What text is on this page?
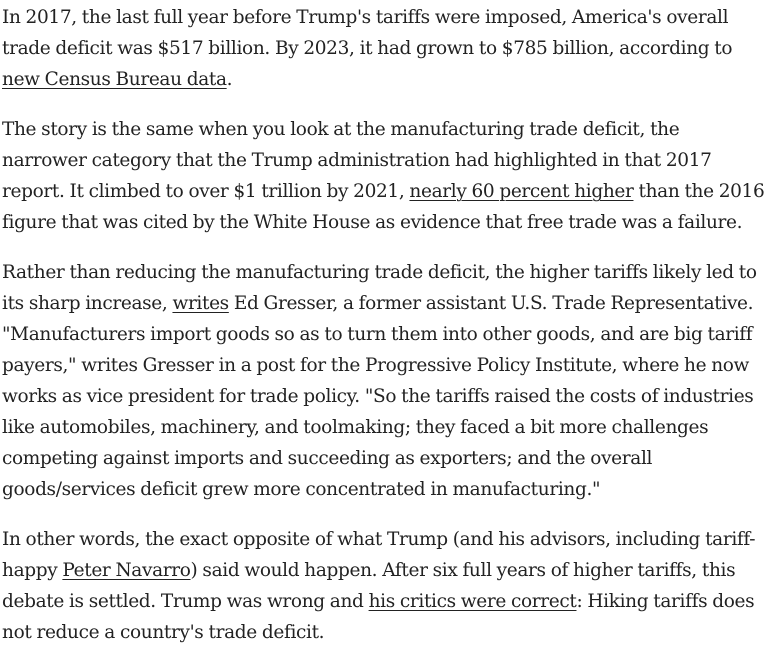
In 2017, the last full year before Trump's tariffs were imposed, America's overall trade deficit was $517 billion. By 2023, it had grown to $785 billion, according to new Census Bureau data.

The story is the same when you look at the manufacturing trade deficit, the narrower category that the Trump administration had highlighted in that 2017 report. It climbed to over $1 trillion by 2021, nearly 60 percent higher than the 2016 figure that was cited by the White House as evidence that free trade was a failure.

Rather than reducing the manufacturing trade deficit, the higher tariffs likely led to its sharp increase, writes Ed Gresser, a former assistant U.S. Trade Representative. "Manufacturers import goods so as to turn them into other goods, and are big tariff payers," writes Gresser in a post for the Progressive Policy Institute, where he now works as vice president for trade policy. "So the tariffs raised the costs of industries like automobiles, machinery, and toolmaking; they faced a bit more challenges competing against imports and succeeding as exporters; and the overall goods/services deficit grew more concentrated in manufacturing."

In other words, the exact opposite of what Trump (and his advisors, including tariff-happy Peter Navarro) said would happen. After six full years of higher tariffs, this debate is settled. Trump was wrong and his critics were correct: Hiking tariffs does not reduce a country's trade deficit.
